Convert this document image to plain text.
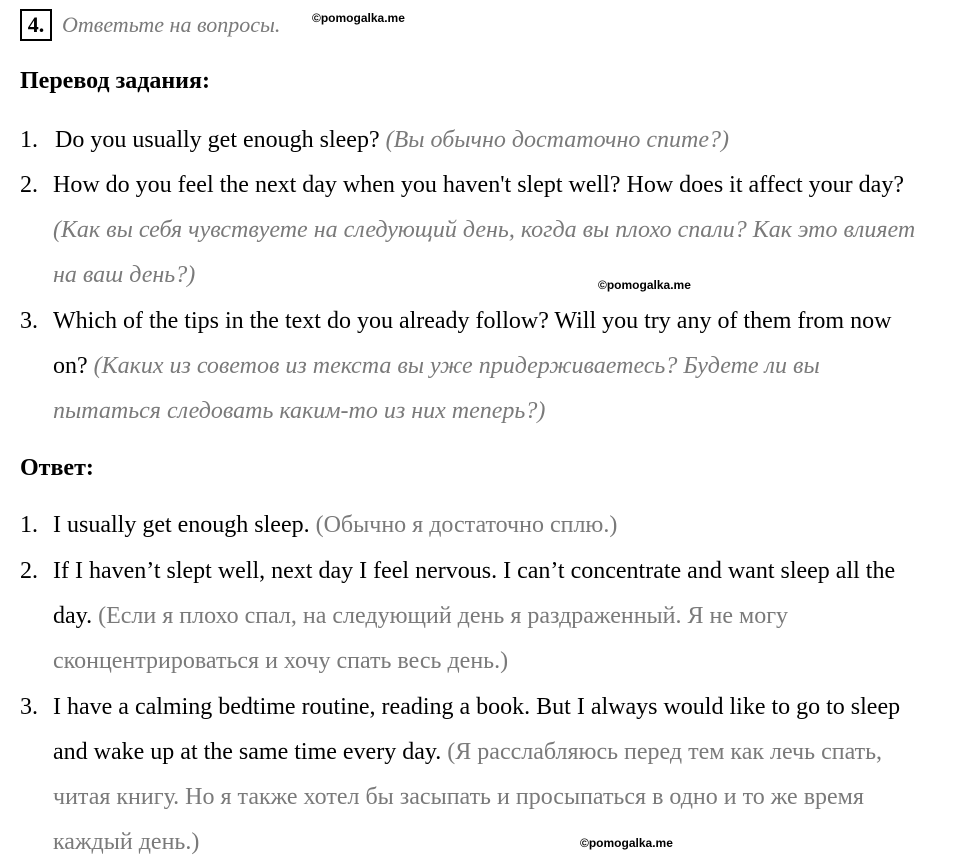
4. Ответьте на вопросы.	©pomogalka.me
Перевод задания:
1. Do you usually get enough sleep? (Вы обычно достаточно спите?)
2. How do you feel the next day when you haven't slept well? How does it affect your day? (Как вы себя чувствуете на следующий день, когда вы плохо спали? Как это влияет на ваш день?)	©pomogalka.me
3. Which of the tips in the text do you already follow? Will you try any of them from now on? (Каких из советов из текста вы уже придерживаетесь? Будете ли вы пытаться следовать каким-то из них теперь?)
Ответ:
1. I usually get enough sleep. (Обычно я достаточно сплю.)
2. If I haven’t slept well, next day I feel nervous. I can’t concentrate and want sleep all the day. (Если я плохо спал, на следующий день я раздраженный. Я не могу сконцентрироваться и хочу спать весь день.)
3. I have a calming bedtime routine, reading a book. But I always would like to go to sleep and wake up at the same time every day. (Я расслабляюсь перед тем как лечь спать, читая книгу. Но я также хотел бы засыпать и просыпаться в одно и то же время каждый день.)	©pomogalka.me
